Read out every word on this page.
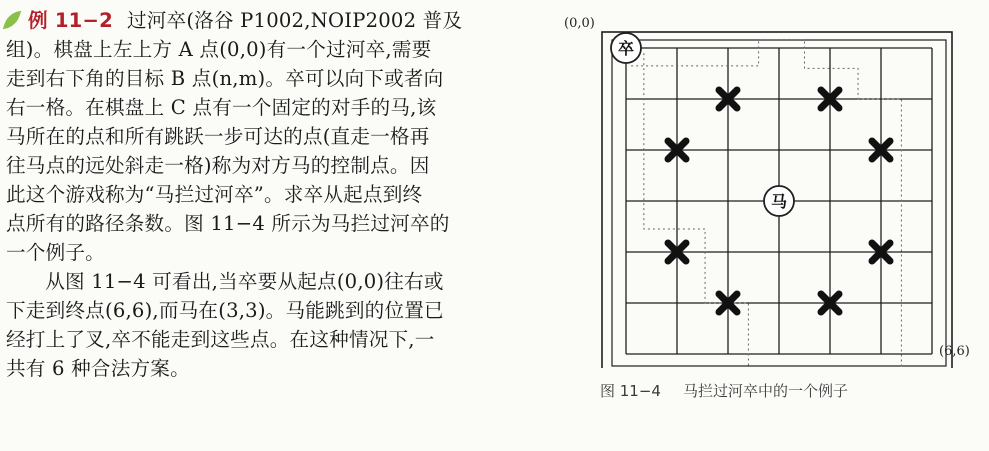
例 11−2 过河卒(洛谷 P1002,NOIP2002 普及
组)。棋盘上左上方 A 点(0,0)有一个过河卒,需要
走到右下角的目标 B 点(n,m)。卒可以向下或者向
右一格。在棋盘上 C 点有一个固定的对手的马,该
马所在的点和所有跳跃一步可达的点(直走一格再
往马点的远处斜走一格)称为对方马的控制点。因
此这个游戏称为“马拦过河卒”。求卒从起点到终
点所有的路径条数。图 11−4 所示为马拦过河卒的
一个例子。

从图 11−4 可看出,当卒要从起点(0,0)往右或
下走到终点(6,6),而马在(3,3)。马能跳到的位置已
经打上了叉,卒不能走到这些点。在这种情况下,一
共有 6 种合法方案。

(0,0)
马
卒
(6,6)
图 11−4 马拦过河卒中的一个例子
